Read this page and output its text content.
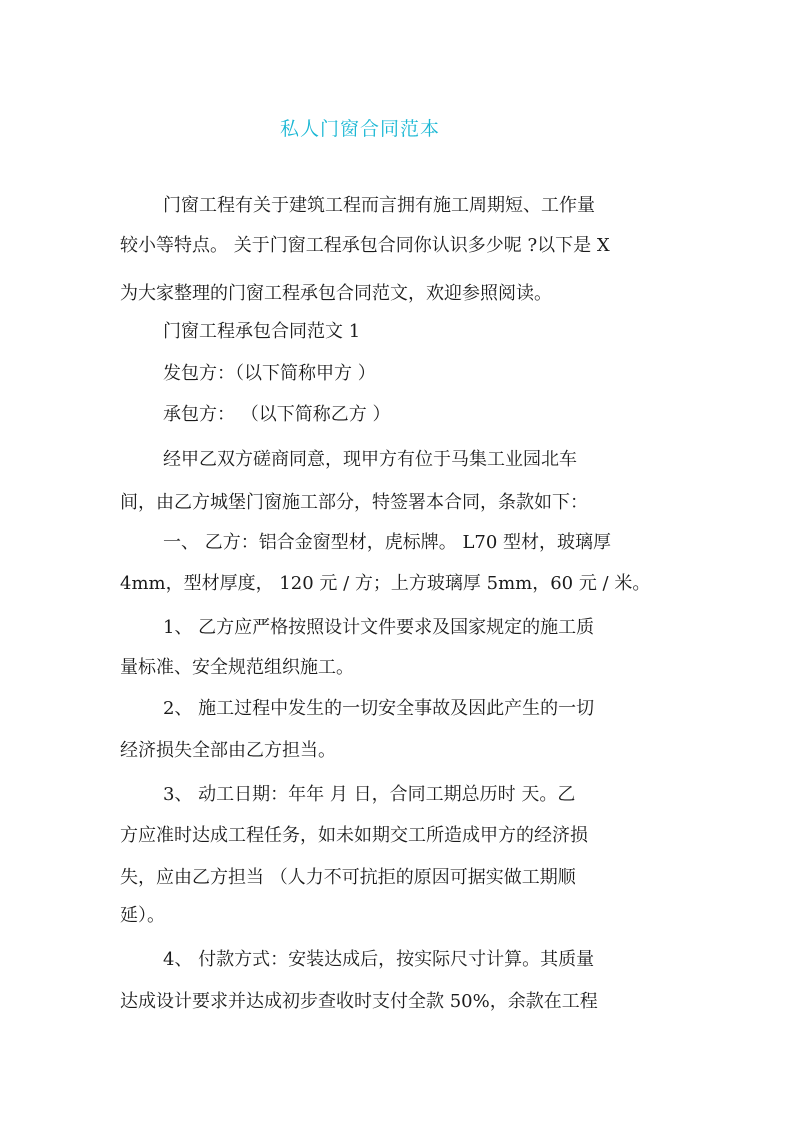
私人门窗合同范本
门窗工程有关于建筑工程而言拥有施工周期短、工作量
较小等特点。 关于门窗工程承包合同你认识多少呢 ?以下是 X
为大家整理的门窗工程承包合同范文，欢迎参照阅读。
门窗工程承包合同范文 1
发包方：（以下简称甲方 ）
承包方： （以下简称乙方 ）
经甲乙双方磋商同意，现甲方有位于马集工业园北车
间，由乙方城堡门窗施工部分，特签署本合同，条款如下：
一、 乙方：铝合金窗型材，虎标牌。 L70 型材，玻璃厚
4mm，型材厚度， 120 元 / 方；上方玻璃厚 5mm，60 元 / 米。
1、 乙方应严格按照设计文件要求及国家规定的施工质
量标准、安全规范组织施工。
2、 施工过程中发生的一切安全事故及因此产生的一切
经济损失全部由乙方担当。
3、 动工日期：年年 月 日，合同工期总历时 天。乙
方应准时达成工程任务，如未如期交工所造成甲方的经济损
失，应由乙方担当 （人力不可抗拒的原因可据实做工期顺
延）。
4、 付款方式：安装达成后，按实际尺寸计算。其质量
达成设计要求并达成初步查收时支付全款 50%，余款在工程
